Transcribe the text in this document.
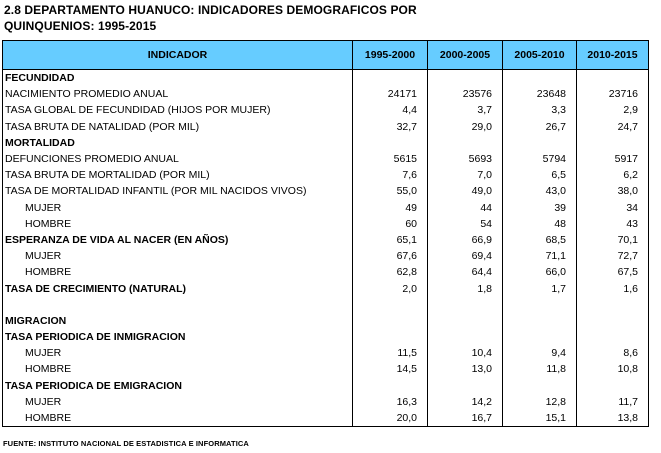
2.8 DEPARTAMENTO HUANUCO: INDICADORES DEMOGRAFICOS POR QUINQUENIOS: 1995-2015
INDICADOR	1995-2000	2000-2005	2005-2010	2010-2015
FECUNDIDAD				
NACIMIENTO PROMEDIO ANUAL	24171	23576	23648	23716
TASA GLOBAL DE FECUNDIDAD (HIJOS POR MUJER)	4,4	3,7	3,3	2,9
TASA BRUTA DE NATALIDAD (POR MIL)	32,7	29,0	26,7	24,7
MORTALIDAD				
DEFUNCIONES PROMEDIO ANUAL	5615	5693	5794	5917
TASA BRUTA DE MORTALIDAD (POR MIL)	7,6	7,0	6,5	6,2
TASA DE MORTALIDAD INFANTIL (POR MIL NACIDOS VIVOS)	55,0	49,0	43,0	38,0
MUJER	49	44	39	34
HOMBRE	60	54	48	43
ESPERANZA DE VIDA AL NACER (EN AÑOS)	65,1	66,9	68,5	70,1
MUJER	67,6	69,4	71,1	72,7
HOMBRE	62,8	64,4	66,0	67,5
TASA DE CRECIMIENTO (NATURAL)	2,0	1,8	1,7	1,6

MIGRACION				
TASA PERIODICA DE INMIGRACION				
MUJER	11,5	10,4	9,4	8,6
HOMBRE	14,5	13,0	11,8	10,8
TASA PERIODICA DE EMIGRACION				
MUJER	16,3	14,2	12,8	11,7
HOMBRE	20,0	16,7	15,1	13,8
FUENTE: INSTITUTO NACIONAL DE ESTADISTICA E INFORMATICA
